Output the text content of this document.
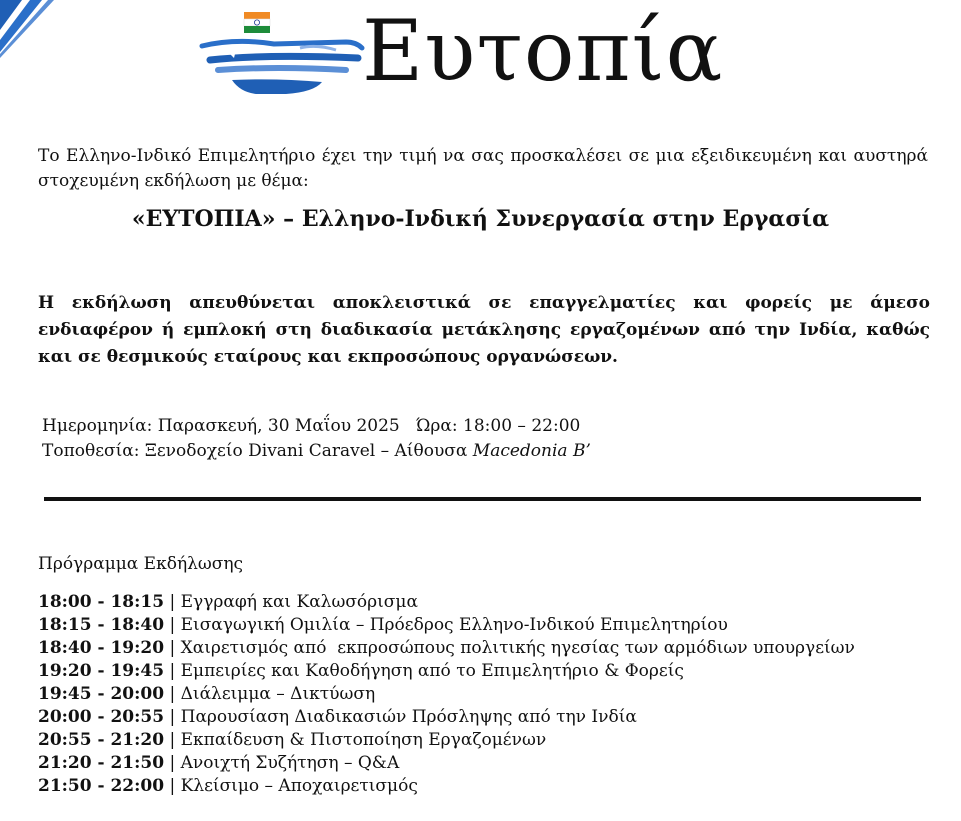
Ευτοπία
Το Ελληνο-Ινδικό Επιμελητήριο έχει την τιμή να σας προσκαλέσει σε μια εξειδικευμένη και αυστηρά στοχευμένη εκδήλωση με θέμα:
«ΕΥΤΟΠΙΑ» – Ελληνο-Ινδική Συνεργασία στην Εργασία
Η εκδήλωση απευθύνεται αποκλειστικά σε επαγγελματίες και φορείς με άμεσο ενδιαφέρον ή εμπλοκή στη διαδικασία μετάκλησης εργαζομένων από την Ινδία, καθώς και σε θεσμικούς εταίρους και εκπροσώπους οργανώσεων.
Ημερομηνία: Παρασκευή, 30 Μαΐου 2025   Ώρα: 18:00 – 22:00
Τοποθεσία: Ξενοδοχείο Divani Caravel – Αίθουσα Macedonia B’
Πρόγραμμα Εκδήλωσης
18:00 - 18:15 | Εγγραφή και Καλωσόρισμα
18:15 - 18:40 | Εισαγωγική Ομιλία – Πρόεδρος Ελληνο-Ινδικού Επιμελητηρίου
18:40 - 19:20 | Χαιρετισμός από  εκπροσώπους πολιτικής ηγεσίας των αρμόδιων υπουργείων
19:20 - 19:45 | Εμπειρίες και Καθοδήγηση από το Επιμελητήριο & Φορείς
19:45 - 20:00 | Διάλειμμα – Δικτύωση
20:00 - 20:55 | Παρουσίαση Διαδικασιών Πρόσληψης από την Ινδία
20:55 - 21:20 | Εκπαίδευση & Πιστοποίηση Εργαζομένων
21:20 - 21:50 | Ανοιχτή Συζήτηση – Q&A
21:50 - 22:00 | Κλείσιμο – Αποχαιρετισμός
